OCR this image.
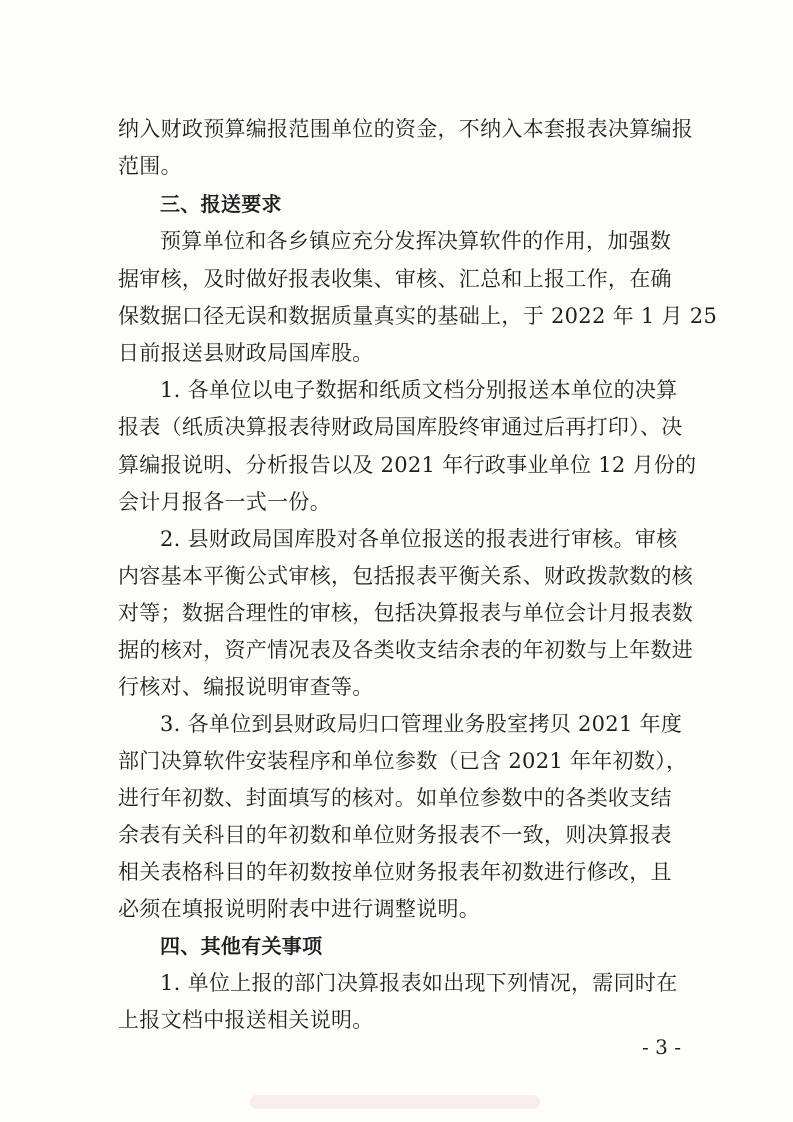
纳入财政预算编报范围单位的资金，不纳入本套报表决算编报
范围。
三、报送要求
预算单位和各乡镇应充分发挥决算软件的作用，加强数
据审核，及时做好报表收集、审核、汇总和上报工作，在确
保数据口径无误和数据质量真实的基础上，于 2022 年 1 月 25
日前报送县财政局国库股。
1. 各单位以电子数据和纸质文档分别报送本单位的决算
报表（纸质决算报表待财政局国库股终审通过后再打印）、决
算编报说明、分析报告以及 2021 年行政事业单位 12 月份的
会计月报各一式一份。
2. 县财政局国库股对各单位报送的报表进行审核。审核
内容基本平衡公式审核，包括报表平衡关系、财政拨款数的核
对等；数据合理性的审核，包括决算报表与单位会计月报表数
据的核对，资产情况表及各类收支结余表的年初数与上年数进
行核对、编报说明审查等。
3. 各单位到县财政局归口管理业务股室拷贝 2021 年度
部门决算软件安装程序和单位参数（已含 2021 年年初数），
进行年初数、封面填写的核对。如单位参数中的各类收支结
余表有关科目的年初数和单位财务报表不一致，则决算报表
相关表格科目的年初数按单位财务报表年初数进行修改，且
必须在填报说明附表中进行调整说明。
四、其他有关事项
1. 单位上报的部门决算报表如出现下列情况，需同时在
上报文档中报送相关说明。
- 3 -
